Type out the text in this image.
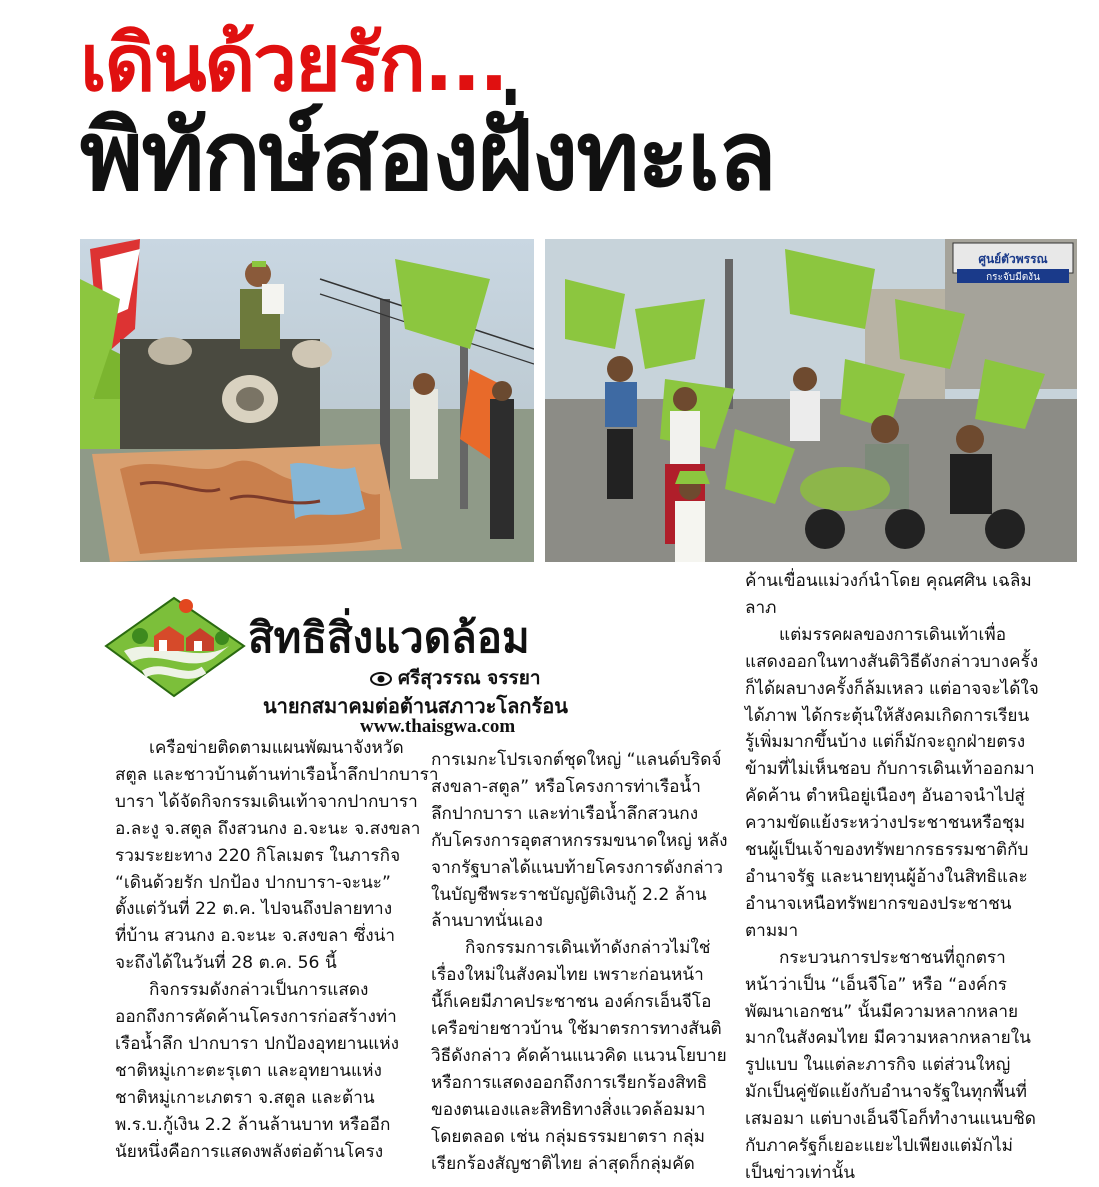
เดินด้วยรัก...
พิทักษ์สองฝั่งทะเล
ศูนย์ตัวพรรณ
กระจับมีตงัน
สิทธิสิ่งแวดล้อม
ศรีสุวรรณ จรรยา
นายกสมาคมต่อต้านสภาวะโลกร้อน
www.thaisgwa.com

เครือข่ายติดตามแผนพัฒนาจังหวัด

สตูล และชาวบ้านต้านท่าเรือน้ำลึกปากบารา

บารา ได้จัดกิจกรรมเดินเท้าจากปากบารา

อ.ละงู จ.สตูล ถึงสวนกง อ.จะนะ จ.สงขลา

รวมระยะทาง 220 กิโลเมตร ในภารกิจ

“เดินด้วยรัก ปกป้อง ปากบารา-จะนะ”

ตั้งแต่วันที่ 22 ต.ค. ไปจนถึงปลายทาง

ที่บ้าน สวนกง อ.จะนะ จ.สงขลา ซึ่งน่า

จะถึงได้ในวันที่ 28 ต.ค. 56 นี้

กิจกรรมดังกล่าวเป็นการแสดง

ออกถึงการคัดค้านโครงการก่อสร้างท่า

เรือน้ำลึก ปากบารา ปกป้องอุทยานแห่ง

ชาติหมู่เกาะตะรุเตา และอุทยานแห่ง

ชาติหมู่เกาะเภตรา จ.สตูล และต้าน

พ.ร.บ.กู้เงิน 2.2 ล้านล้านบาท หรืออีก

นัยหนึ่งคือการแสดงพลังต่อต้านโครง

การเมกะโปรเจกต์ชุดใหญ่ “แลนด์บริดจ์

สงขลา-สตูล” หรือโครงการท่าเรือน้ำ

ลึกปากบารา และท่าเรือน้ำลึกสวนกง

กับโครงการอุตสาหกรรมขนาดใหญ่ หลัง

จากรัฐบาลได้แนบท้ายโครงการดังกล่าว

ในบัญชีพระราชบัญญัติเงินกู้ 2.2 ล้าน

ล้านบาทนั่นเอง

กิจกรรมการเดินเท้าดังกล่าวไม่ใช่

เรื่องใหม่ในสังคมไทย เพราะก่อนหน้า

นี้ก็เคยมีภาคประชาชน องค์กรเอ็นจีโอ

เครือข่ายชาวบ้าน ใช้มาตรการทางสันติ

วิธีดังกล่าว คัดค้านแนวคิด แนวนโยบาย

หรือการแสดงออกถึงการเรียกร้องสิทธิ

ของตนเองและสิทธิทางสิ่งแวดล้อมมา

โดยตลอด เช่น กลุ่มธรรมยาตรา กลุ่ม

เรียกร้องสัญชาติไทย ล่าสุดก็กลุ่มคัด

ค้านเขื่อนแม่วงก์นำโดย คุณศศิน เฉลิม

ลาภ

แต่มรรคผลของการเดินเท้าเพื่อ

แสดงออกในทางสันติวิธีดังกล่าวบางครั้ง

ก็ได้ผลบางครั้งก็ล้มเหลว แต่อาจจะได้ใจ

ได้ภาพ ได้กระตุ้นให้สังคมเกิดการเรียน

รู้เพิ่มมากขึ้นบ้าง แต่ก็มักจะถูกฝ่ายตรง

ข้ามที่ไม่เห็นชอบ กับการเดินเท้าออกมา

คัดค้าน ตำหนิอยู่เนืองๆ อันอาจนำไปสู่

ความขัดแย้งระหว่างประชาชนหรือชุม

ชนผู้เป็นเจ้าของทรัพยากรธรรมชาติกับ

อำนาจรัฐ และนายทุนผู้อ้างในสิทธิและ

อำนาจเหนือทรัพยากรของประชาชน

ตามมา

กระบวนการประชาชนที่ถูกตรา

หน้าว่าเป็น “เอ็นจีโอ” หรือ “องค์กร

พัฒนาเอกชน” นั้นมีความหลากหลาย

มากในสังคมไทย มีความหลากหลายใน

รูปแบบ ในแต่ละภารกิจ แต่ส่วนใหญ่

มักเป็นคู่ขัดแย้งกับอำนาจรัฐในทุกพื้นที่

เสมอมา แต่บางเอ็นจีโอก็ทำงานแนบชิด

กับภาครัฐก็เยอะแยะไปเพียงแต่มักไม่

เป็นข่าวเท่านั้น
